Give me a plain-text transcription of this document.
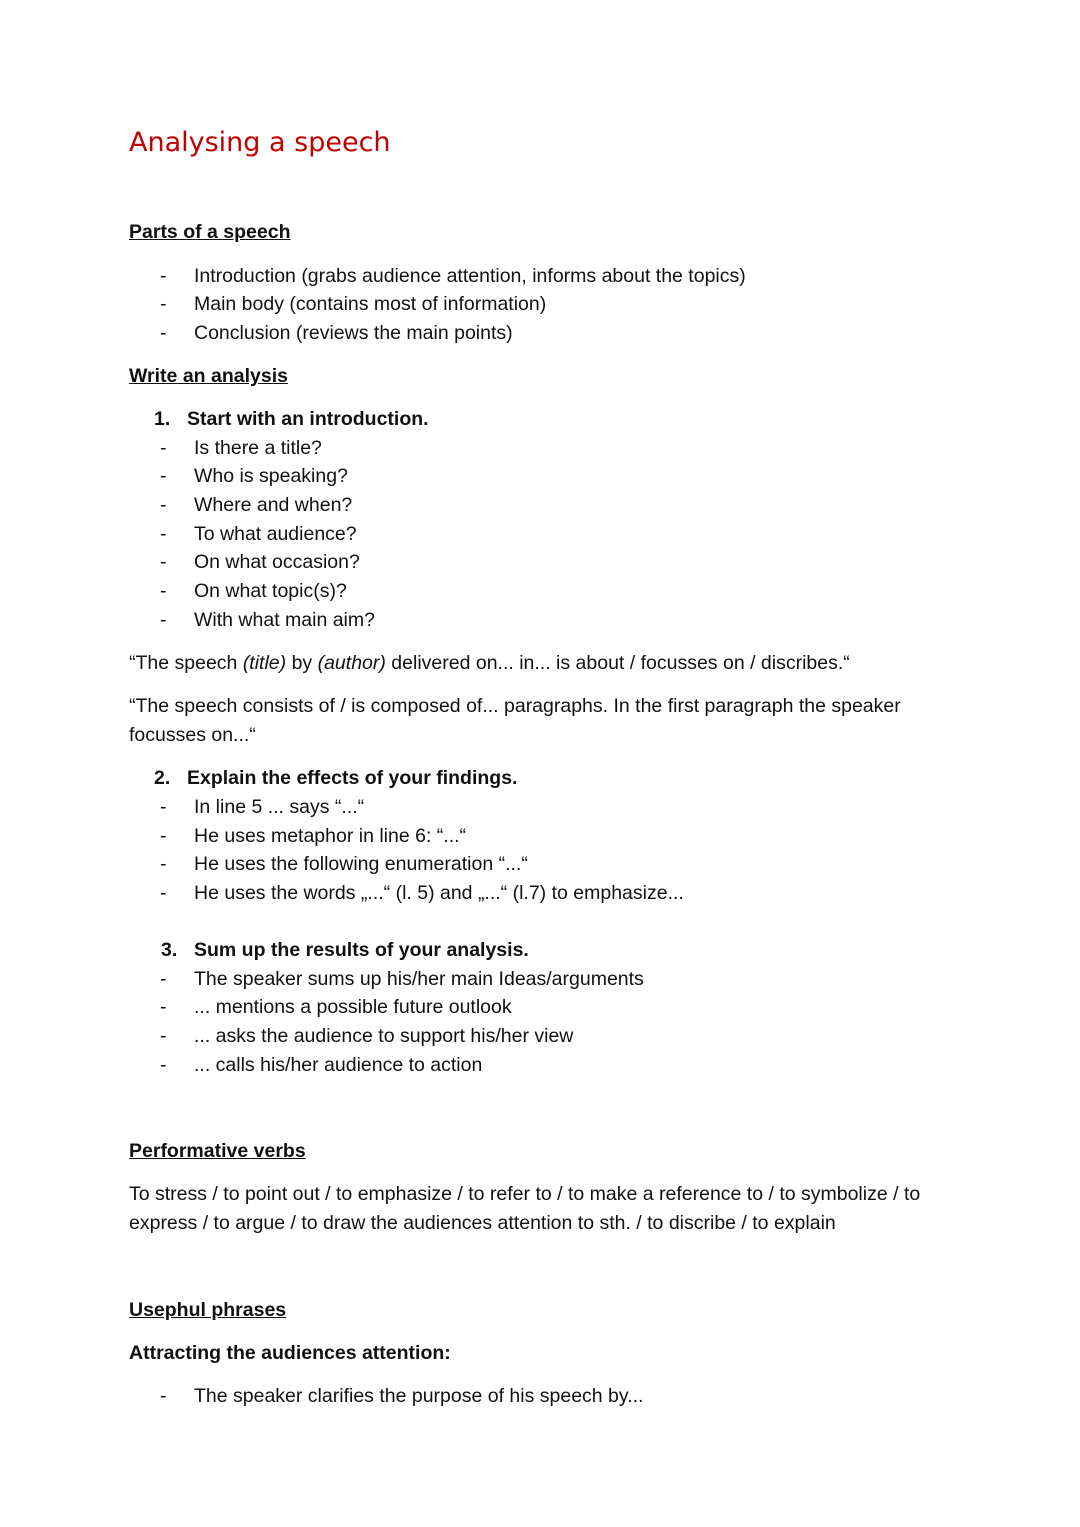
Analysing a speech
Parts of a speech
- Introduction (grabs audience attention, informs about the topics)
- Main body (contains most of information)
- Conclusion (reviews the main points)
Write an analysis
1. Start with an introduction.
- Is there a title?
- Who is speaking?
- Where and when?
- To what audience?
- On what occasion?
- On what topic(s)?
- With what main aim?

“The speech (title) by (author) delivered on... in... is about / focusses on / discribes.“

“The speech consists of / is composed of... paragraphs. In the first paragraph the speaker focusses on...“

2. Explain the effects of your findings.
- In line 5 ... says “...“
- He uses metaphor in line 6: “...“
- He uses the following enumeration “...“
- He uses the words „...“ (l. 5) and „...“ (l.7) to emphasize...
3. Sum up the results of your analysis.
- The speaker sums up his/her main Ideas/arguments
- ... mentions a possible future outlook
- ... asks the audience to support his/her view
- ... calls his/her audience to action
Performative verbs

To stress / to point out / to emphasize / to refer to / to make a reference to / to symbolize / to express / to argue / to draw the audiences attention to sth. / to discribe / to explain

Usephul phrases

Attracting the audiences attention:

- The speaker clarifies the purpose of his speech by...
